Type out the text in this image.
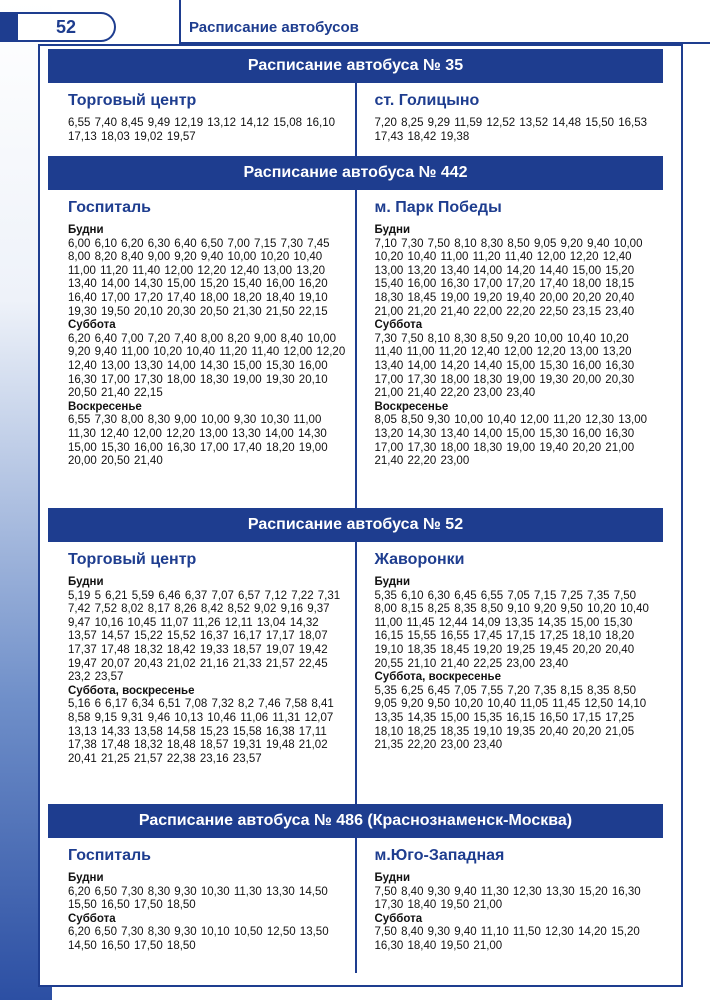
52	Расписание автобусов
Расписание автобуса № 35
Торговый центр
6,55 7,40 8,45 9,49 12,19 13,12 14,12 15,08 16,10 17,13 18,03 19,02 19,57
ст. Голицыно
7,20 8,25 9,29 11,59 12,52 13,52 14,48 15,50 16,53 17,43 18,42 19,38
Расписание автобуса № 442
Госпиталь
Будни
6,00 6,10 6,20 6,30 6,40 6,50 7,00 7,15 7,30 7,45 8,00 8,20 8,40 9,00 9,20 9,40 10,00 10,20 10,40 11,00 11,20 11,40 12,00 12,20 12,40 13,00 13,20 13,40 14,00 14,30 15,00 15,20 15,40 16,00 16,20 16,40 17,00 17,20 17,40 18,00 18,20 18,40 19,10 19,30 19,50 20,10 20,30 20,50 21,30 21,50 22,15
Суббота
6,20 6,40 7,00 7,20 7,40 8,00 8,20 9,00 8,40 10,00 9,20 9,40 11,00 10,20 10,40 11,20 11,40 12,00 12,20 12,40 13,00 13,30 14,00 14,30 15,00 15,30 16,00 16,30 17,00 17,30 18,00 18,30 19,00 19,30 20,10 20,50 21,40 22,15
Воскресенье
6,55 7,30 8,00 8,30 9,00 10,00 9,30 10,30 11,00 11,30 12,40 12,00 12,20 13,00 13,30 14,00 14,30 15,00 15,30 16,00 16,30 17,00 17,40 18,20 19,00 20,00 20,50 21,40
м. Парк Победы
Будни
7,10 7,30 7,50 8,10 8,30 8,50 9,05 9,20 9,40 10,00 10,20 10,40 11,00 11,20 11,40 12,00 12,20 12,40 13,00 13,20 13,40 14,00 14,20 14,40 15,00 15,20 15,40 16,00 16,30 17,00 17,20 17,40 18,00 18,15 18,30 18,45 19,00 19,20 19,40 20,00 20,20 20,40 21,00 21,20 21,40 22,00 22,20 22,50 23,15 23,40
Суббота
7,30 7,50 8,10 8,30 8,50 9,20 10,00 10,40 10,20 11,40 11,00 11,20 12,40 12,00 12,20 13,00 13,20 13,40 14,00 14,20 14,40 15,00 15,30 16,00 16,30 17,00 17,30 18,00 18,30 19,00 19,30 20,00 20,30 21,00 21,40 22,20 23,00 23,40
Воскресенье
8,05 8,50 9,30 10,00 10,40 12,00 11,20 12,30 13,00 13,20 14,30 13,40 14,00 15,00 15,30 16,00 16,30 17,00 17,30 18,00 18,30 19,00 19,40 20,20 21,00 21,40 22,20 23,00
Расписание автобуса № 52
Торговый центр
Будни
5,19 5 6,21 5,59 6,46 6,37 7,07 6,57 7,12 7,22 7,31 7,42 7,52 8,02 8,17 8,26 8,42 8,52 9,02 9,16 9,37 9,47 10,16 10,45 11,07 11,26 12,11 13,04 14,32 13,57 14,57 15,22 15,52 16,37 16,17 17,17 18,07 17,37 17,48 18,32 18,42 19,33 18,57 19,07 19,42 19,47 20,07 20,43 21,02 21,16 21,33 21,57 22,45 23,2 23,57
Суббота, воскресенье
5,16 6 6,17 6,34 6,51 7,08 7,32 8,2 7,46 7,58 8,41 8,58 9,15 9,31 9,46 10,13 10,46 11,06 11,31 12,07 13,13 14,33 13,58 14,58 15,23 15,58 16,38 17,11 17,38 17,48 18,32 18,48 18,57 19,31 19,48 21,02 20,41 21,25 21,57 22,38 23,16 23,57
Жаворонки
Будни
5,35 6,10 6,30 6,45 6,55 7,05 7,15 7,25 7,35 7,50 8,00 8,15 8,25 8,35 8,50 9,10 9,20 9,50 10,20 10,40 11,00 11,45 12,44 14,09 13,35 14,35 15,00 15,30 16,15 15,55 16,55 17,45 17,15 17,25 18,10 18,20 19,10 18,35 18,45 19,20 19,25 19,45 20,20 20,40 20,55 21,10 21,40 22,25 23,00 23,40
Суббота, воскресенье
5,35 6,25 6,45 7,05 7,55 7,20 7,35 8,15 8,35 8,50 9,05 9,20 9,50 10,20 10,40 11,05 11,45 12,50 14,10 13,35 14,35 15,00 15,35 16,15 16,50 17,15 17,25 18,10 18,25 18,35 19,10 19,35 20,40 20,20 21,05 21,35 22,20 23,00 23,40
Расписание автобуса № 486 (Краснознаменск-Москва)
Госпиталь
Будни
6,20 6,50 7,30 8,30 9,30 10,30 11,30 13,30 14,50 15,50 16,50 17,50 18,50
Суббота
6,20 6,50 7,30 8,30 9,30 10,10 10,50 12,50 13,50 14,50 16,50 17,50 18,50
м.Юго-Западная
Будни
7,50 8,40 9,30 9,40 11,30 12,30 13,30 15,20 16,30 17,30 18,40 19,50 21,00
Суббота
7,50 8,40 9,30 9,40 11,10 11,50 12,30 14,20 15,20 16,30 18,40 19,50 21,00
